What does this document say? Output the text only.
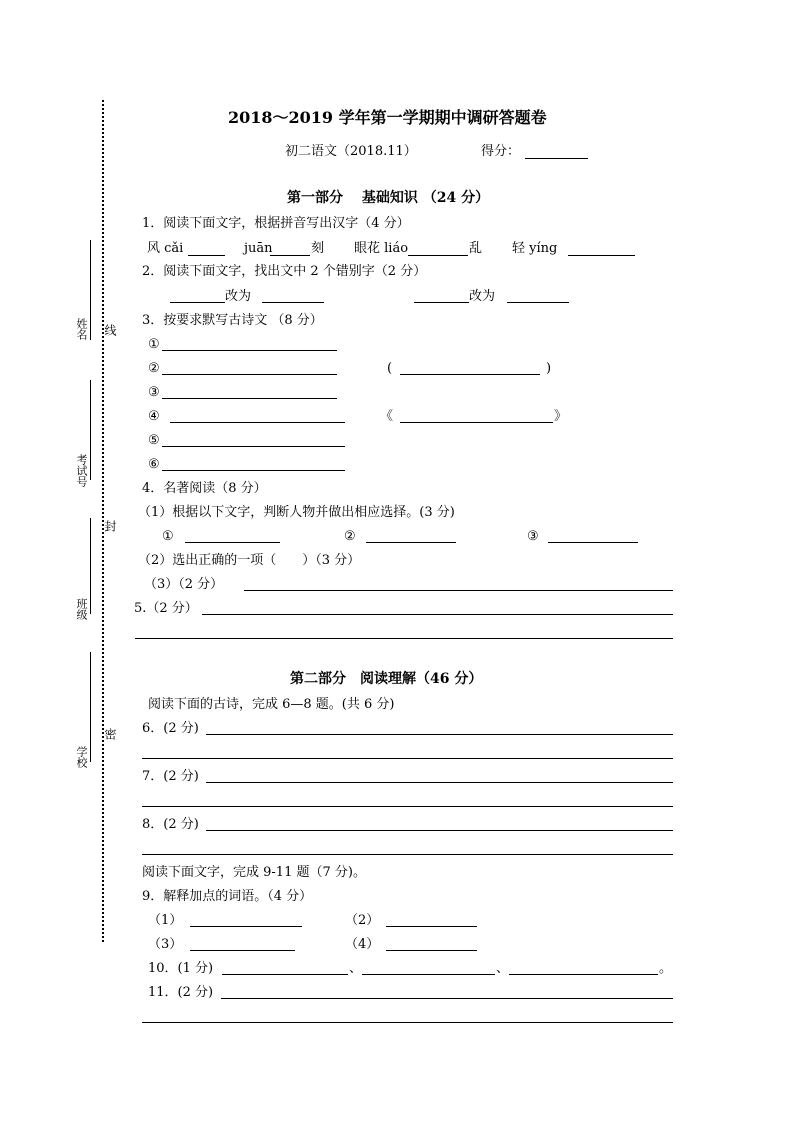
姓名 线
考试号
封
班级
密
学校
2018～2019 学年第一学期期中调研答题卷
初二语文（2018.11）	得分：
第一部分　 基础知识 （24 分）
1．阅读下面文字，根据拼音写出汉字（4 分）
风 cǎi	juān	刻 眼花 liáo	乱 轻 yíng
2．阅读下面文字，找出文中 2 个错别字（2 分）
改为	改为
3．按要求默写古诗文 （8 分）
①
②	(	)
③
④	《	》
⑤
⑥
4．名著阅读（8 分）
（1）根据以下文字，判断人物并做出相应选择。(3 分)
①	②	③
（2）选出正确的一项（　　）（3 分）
（3）（2 分）
5.（2 分）
第二部分　阅读理解（46 分）
阅读下面的古诗，完成 6—8 题。(共 6 分)
6．(2 分)
7．(2 分)
8．(2 分)
阅读下面文字，完成 9-11 题（7 分)。
9．解释加点的词语。（4 分）
（1）	（2）
（3）	（4）
10．(1 分)	、	、	。
11．(2 分)
